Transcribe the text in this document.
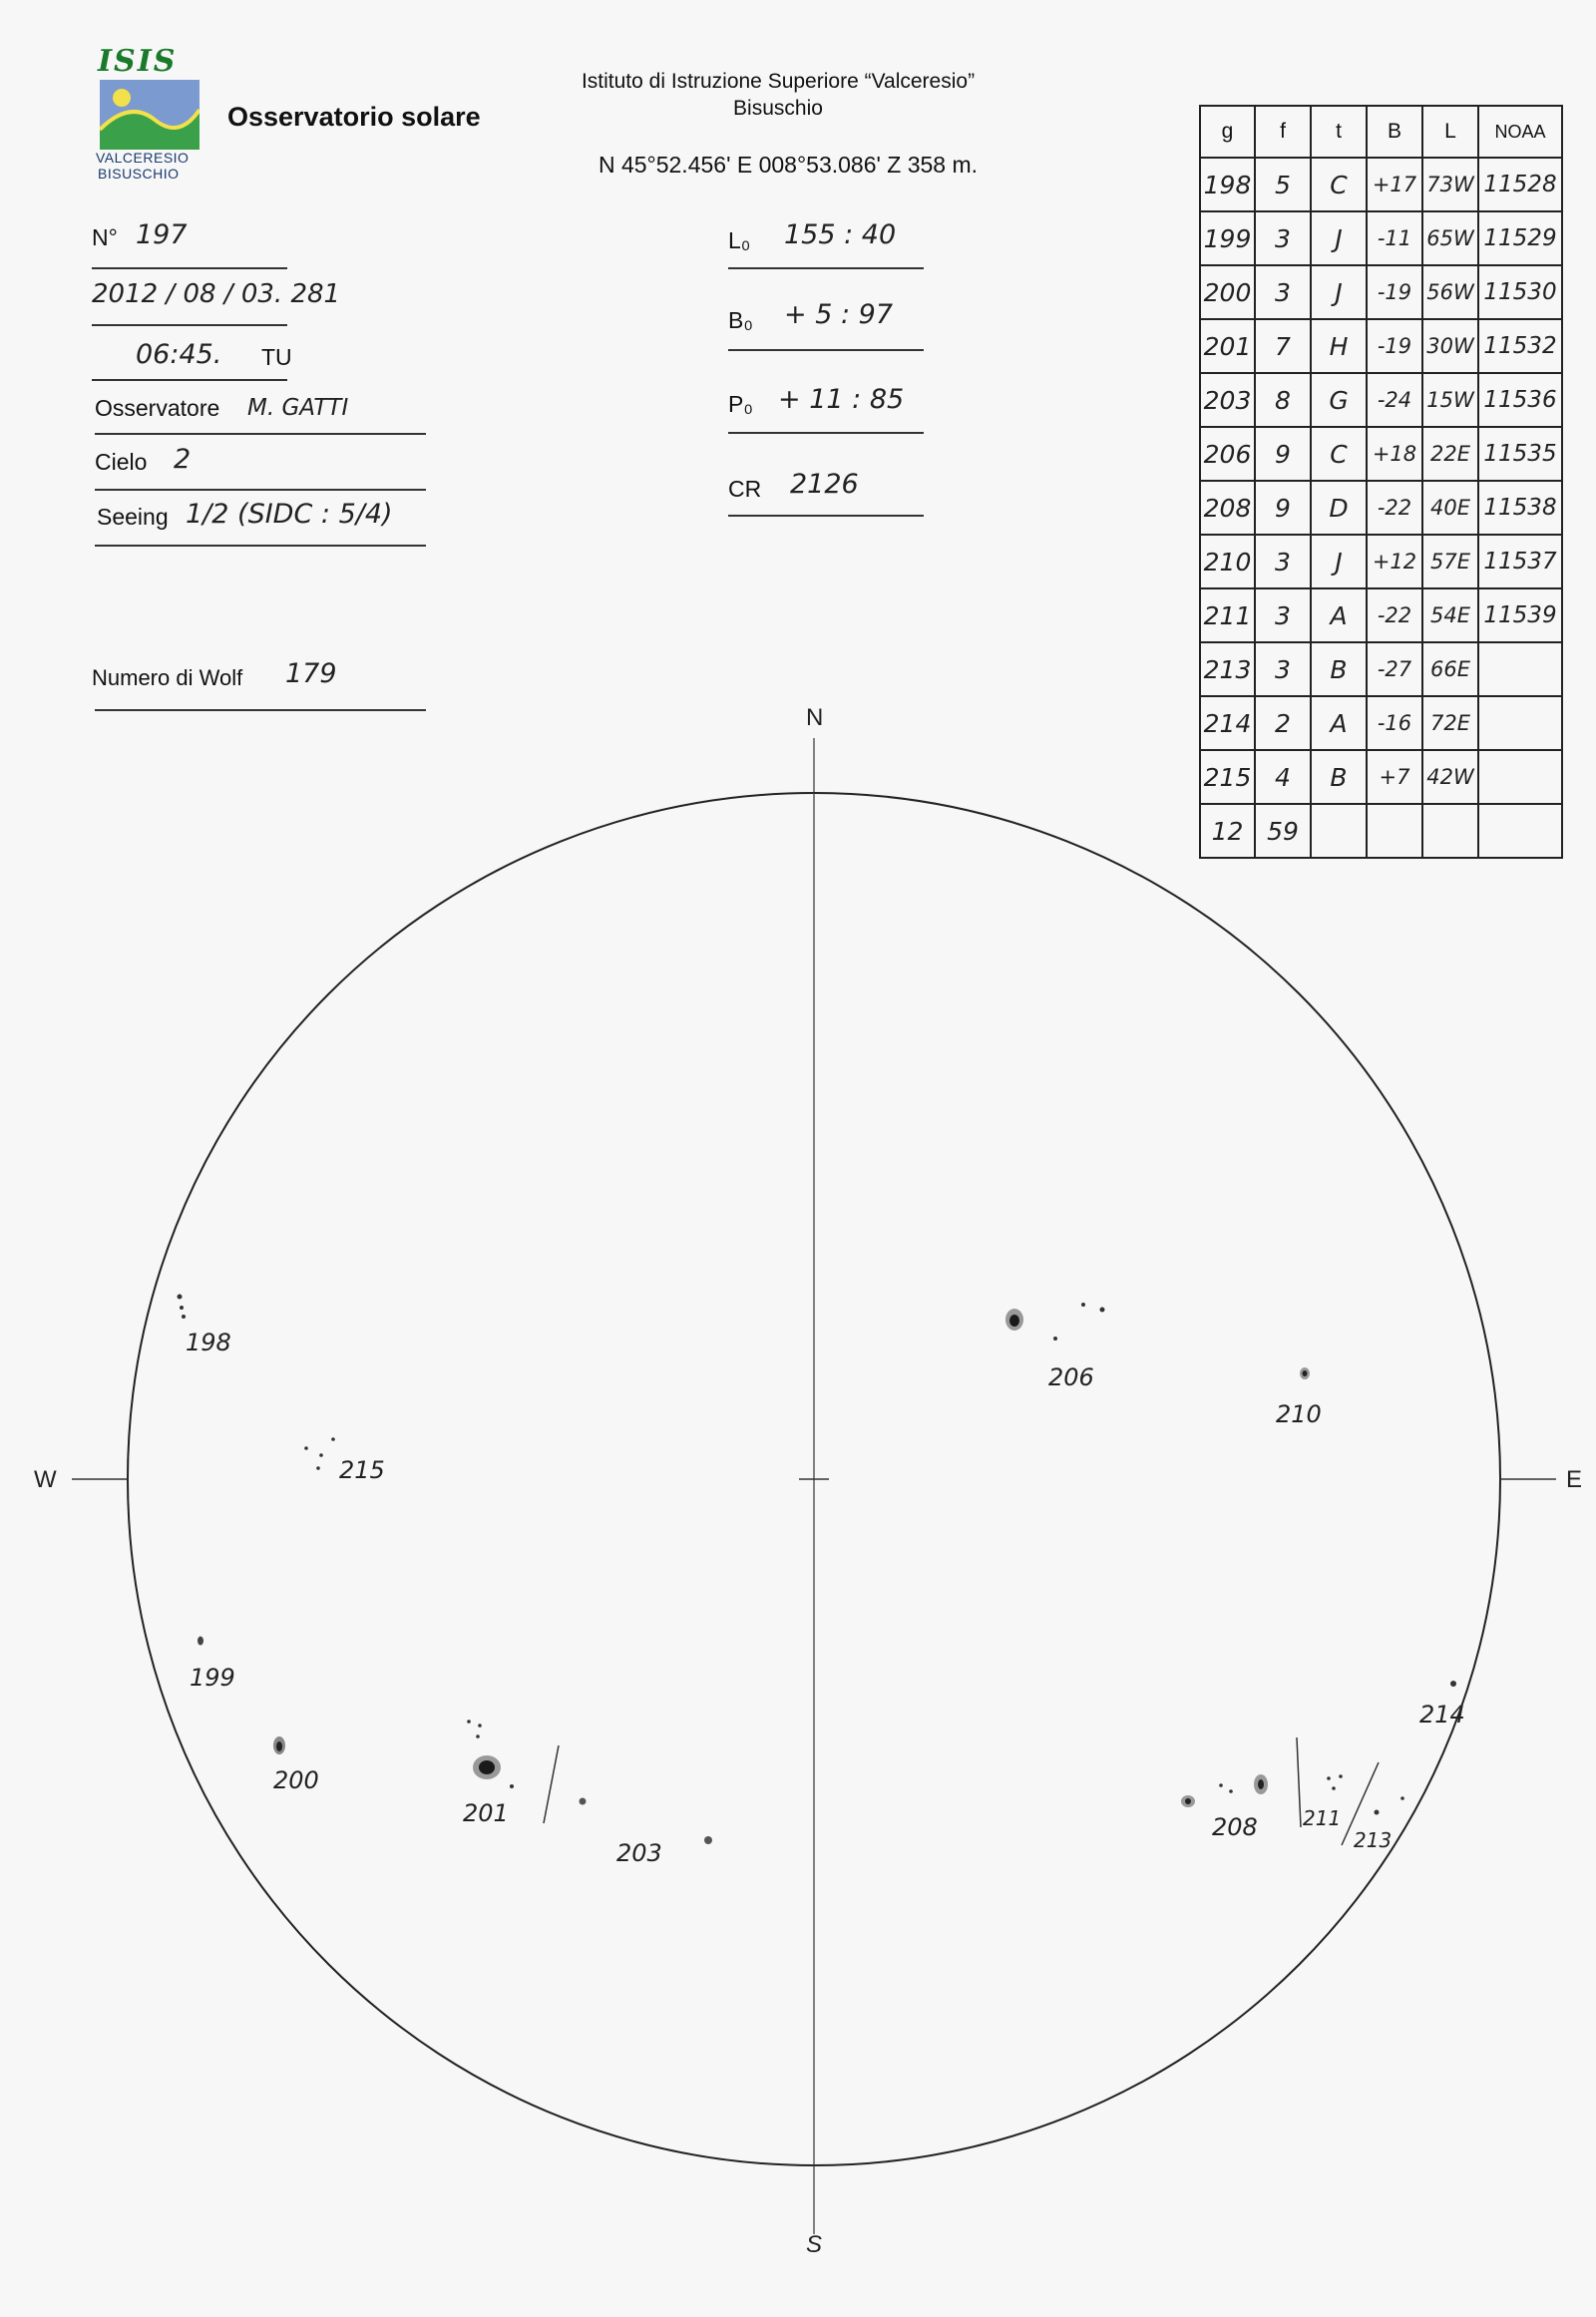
ISIS
VALCERESIO
BISUSCHIO
Osservatorio solare
Istituto di Istruzione Superiore “Valceresio”
Bisuschio
N 45°52.456' E 008°53.086' Z 358 m.
N° 197
2012 / 08 / 03. 281
06:45. TU
Osservatore M. GATTI
Cielo 2
Seeing 1/2 (SIDC : 5/4)
Numero di Wolf 179
L₀ 155 : 40
B₀ + 5 : 97
P₀ + 11 : 85
CR 2126
g	f	t	B	L	NOAA
198	5	C	+17	73W	11528
199	3	J	-11	65W	11529
200	3	J	-19	56W	11530
201	7	H	-19	30W	11532
203	8	G	-24	15W	11536
206	9	C	+18	22E	11535
208	9	D	-22	40E	11538
210	3	J	+12	57E	11537
211	3	A	-22	54E	11539
213	3	B	-27	66E	
214	2	A	-16	72E	
215	4	B	+7	42W	
12	59				
N
S
E
W
198
215
199
200
201
203
206
210
214
208 211
213
